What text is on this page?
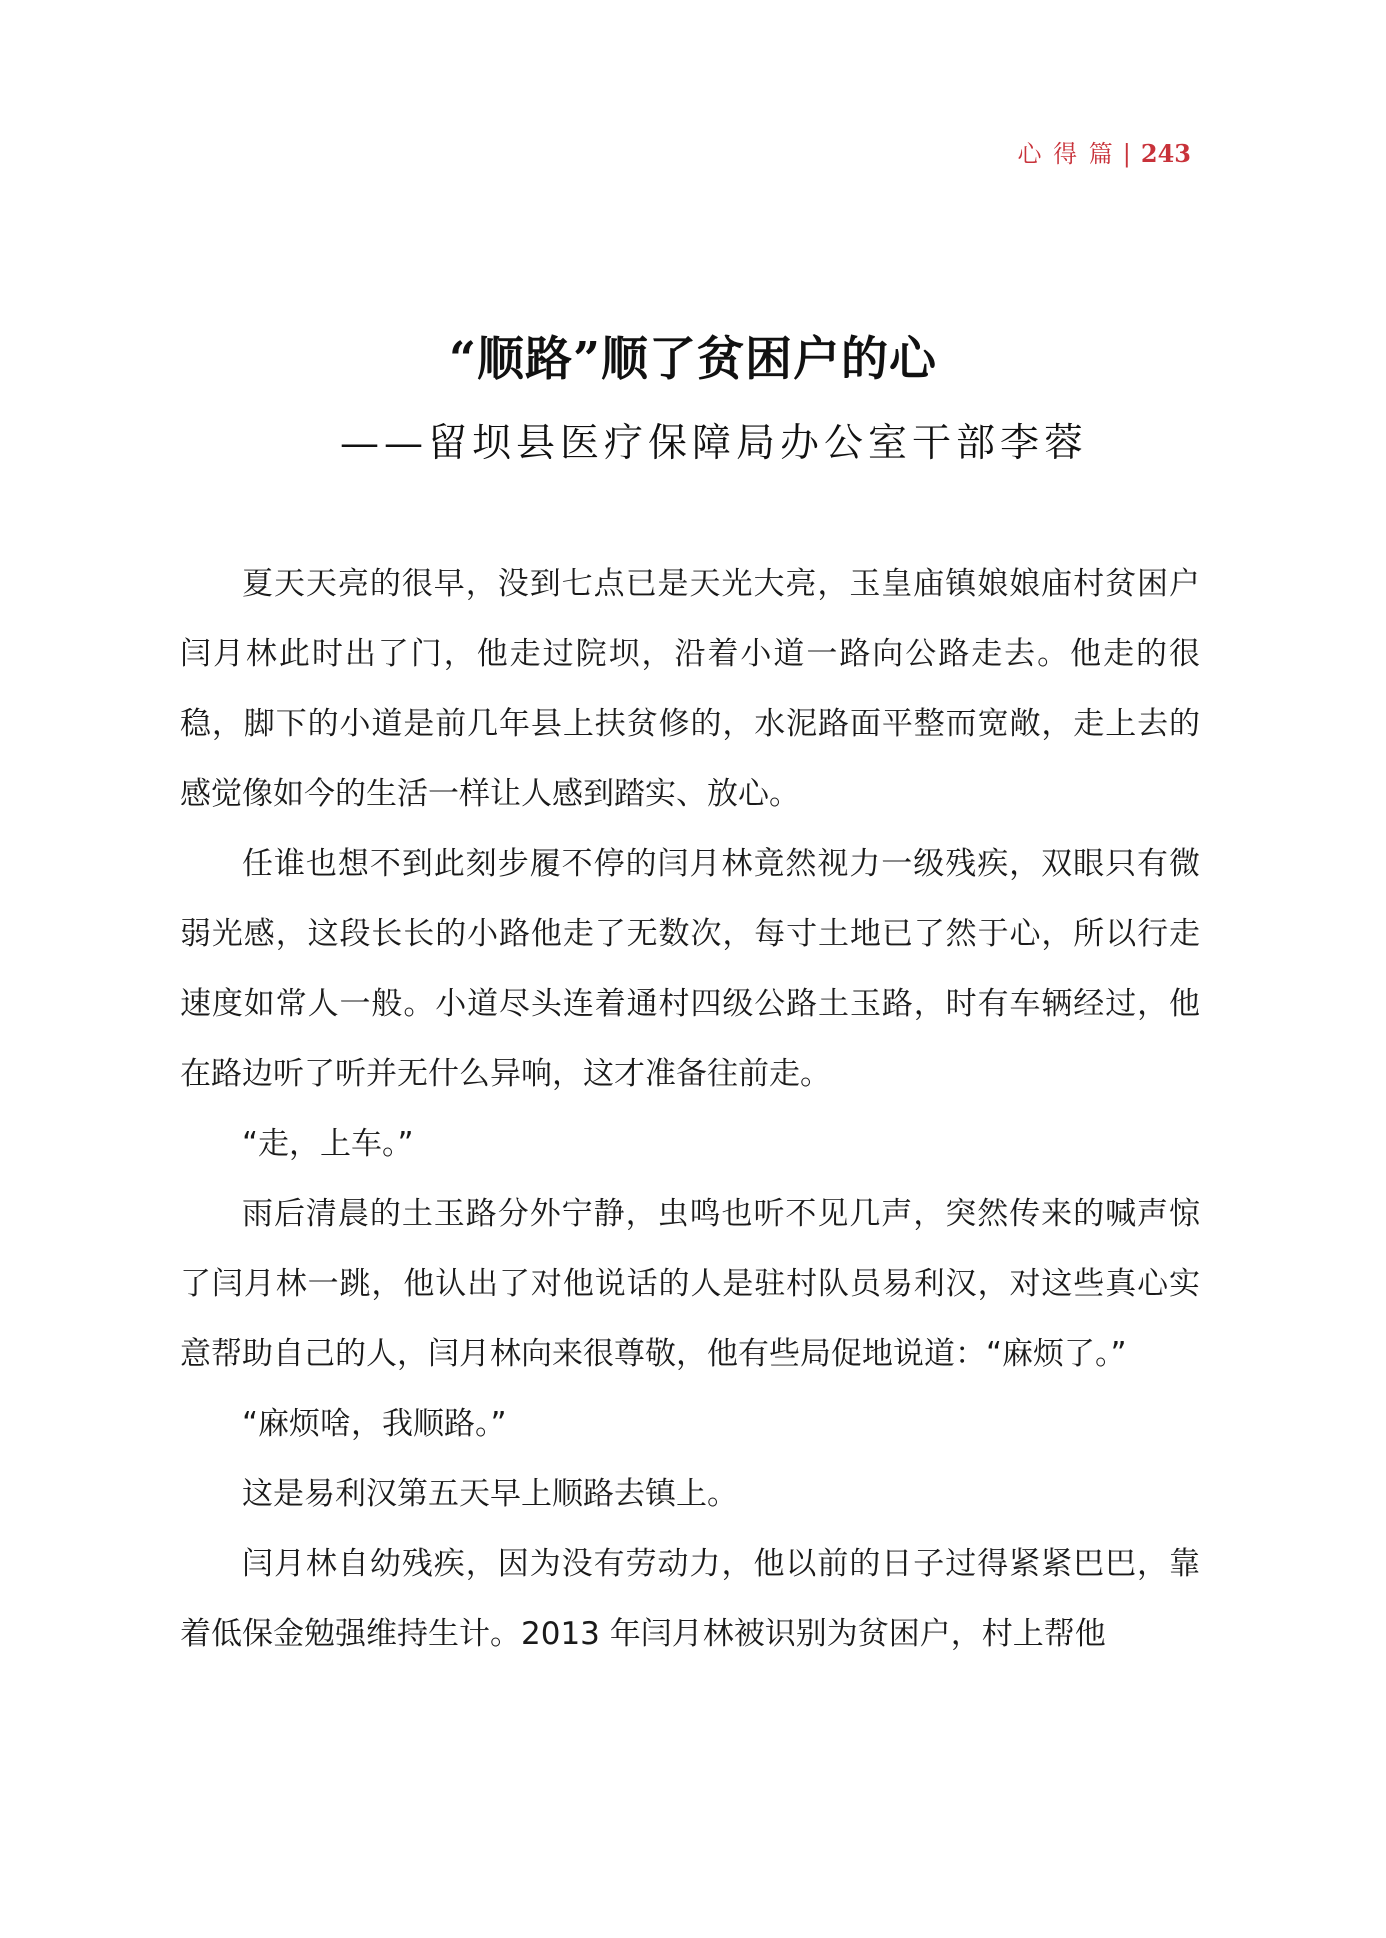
心 得 篇 | 243
“顺路”顺了贫困户的心
——留坝县医疗保障局办公室干部李蓉

夏天天亮的很早，没到七点已是天光大亮，玉皇庙镇娘娘庙村贫困户闫月林此时出了门，他走过院坝，沿着小道一路向公路走去。他走的很稳，脚下的小道是前几年县上扶贫修的，水泥路面平整而宽敞，走上去的感觉像如今的生活一样让人感到踏实、放心。

任谁也想不到此刻步履不停的闫月林竟然视力一级残疾，双眼只有微弱光感，这段长长的小路他走了无数次，每寸土地已了然于心，所以行走速度如常人一般。小道尽头连着通村四级公路土玉路，时有车辆经过，他在路边听了听并无什么异响，这才准备往前走。

“走，上车。”

雨后清晨的土玉路分外宁静，虫鸣也听不见几声，突然传来的喊声惊了闫月林一跳，他认出了对他说话的人是驻村队员易利汉，对这些真心实意帮助自己的人，闫月林向来很尊敬，他有些局促地说道：“麻烦了。”

“麻烦啥，我顺路。”

这是易利汉第五天早上顺路去镇上。

闫月林自幼残疾，因为没有劳动力，他以前的日子过得紧紧巴巴，靠着低保金勉强维持生计。2013 年闫月林被识别为贫困户，村上帮他
